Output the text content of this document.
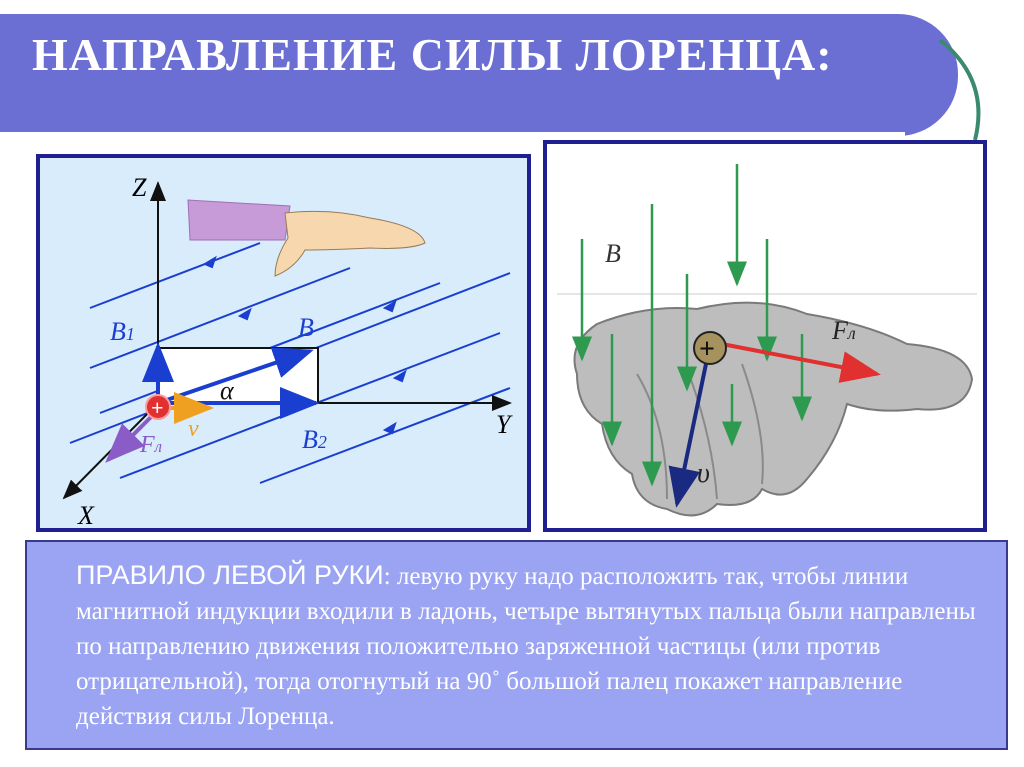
НАПРАВЛЕНИЕ СИЛЫ ЛОРЕНЦА:
Z
Y
X
B1	B
B2
α
v
Fл
+
+
B
Fл
υ
ПРАВИЛО ЛЕВОЙ РУКИ: левую руку надо расположить так, чтобы линии магнитной индукции входили в ладонь, четыре вытянутых пальца были направлены по направлению движения положительно заряженной частицы (или против отрицательной), тогда отогнутый на 90˚ большой палец покажет направление действия силы Лоренца.
